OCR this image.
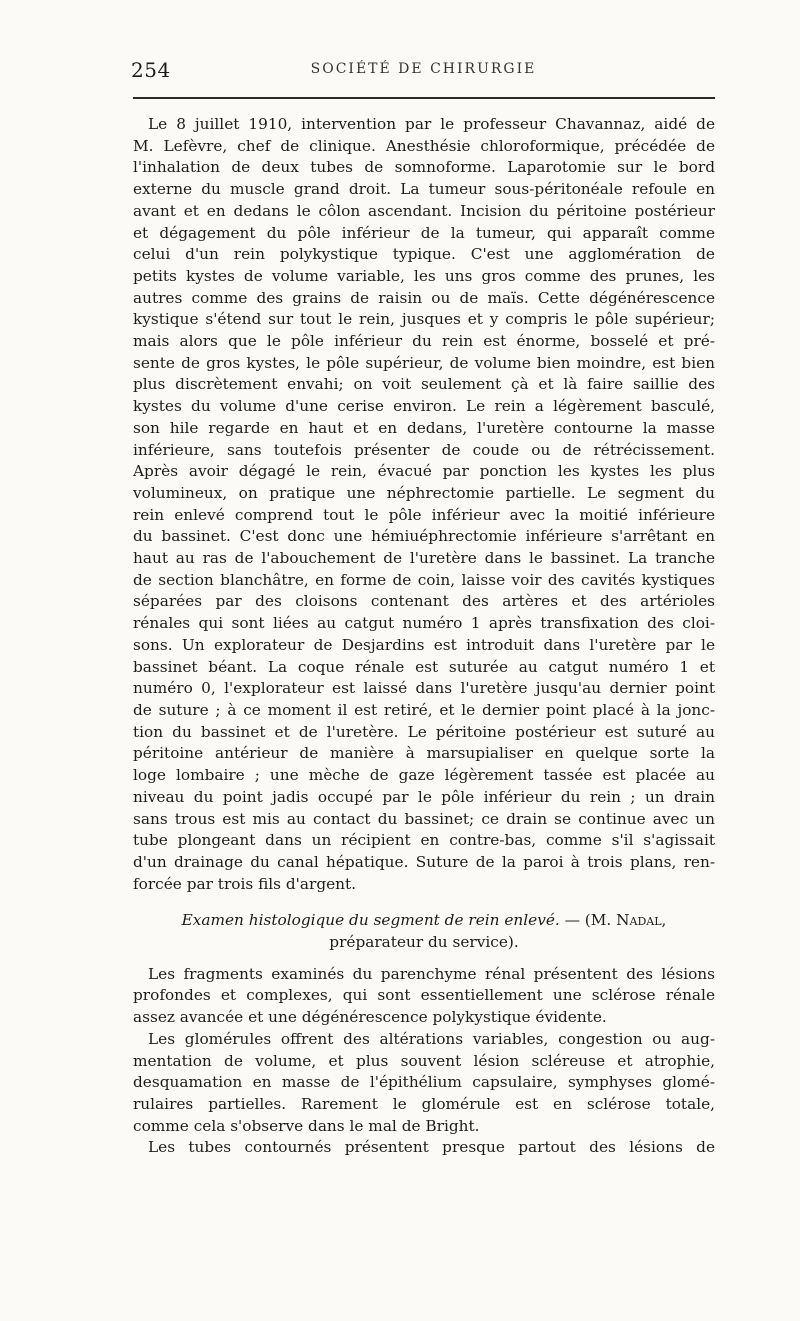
254	SOCIÉTÉ DE CHIRURGIE
Le 8 juillet 1910, intervention par le professeur Chavannaz, aidé de
M. Lefèvre, chef de clinique. Anesthésie chloroformique, précédée de
l'inhalation de deux tubes de somnoforme. Laparotomie sur le bord
externe du muscle grand droit. La tumeur sous-péritonéale refoule en
avant et en dedans le côlon ascendant. Incision du péritoine postérieur
et dégagement du pôle inférieur de la tumeur, qui apparaît comme
celui d'un rein polykystique typique. C'est une agglomération de
petits kystes de volume variable, les uns gros comme des prunes, les
autres comme des grains de raisin ou de maïs. Cette dégénérescence
kystique s'étend sur tout le rein, jusques et y compris le pôle supérieur;
mais alors que le pôle inférieur du rein est énorme, bosselé et pré-
sente de gros kystes, le pôle supérieur, de volume bien moindre, est bien
plus discrètement envahi; on voit seulement çà et là faire saillie des
kystes du volume d'une cerise environ. Le rein a légèrement basculé,
son hile regarde en haut et en dedans, l'uretère contourne la masse
inférieure, sans toutefois présenter de coude ou de rétrécissement.
Après avoir dégagé le rein, évacué par ponction les kystes les plus
volumineux, on pratique une néphrectomie partielle. Le segment du
rein enlevé comprend tout le pôle inférieur avec la moitié inférieure
du bassinet. C'est donc une hémiuéphrectomie inférieure s'arrêtant en
haut au ras de l'abouchement de l'uretère dans le bassinet. La tranche
de section blanchâtre, en forme de coin, laisse voir des cavités kystiques
séparées par des cloisons contenant des artères et des artérioles
rénales qui sont liées au catgut numéro 1 après transfixation des cloi-
sons. Un explorateur de Desjardins est introduit dans l'uretère par le
bassinet béant. La coque rénale est suturée au catgut numéro 1 et
numéro 0, l'explorateur est laissé dans l'uretère jusqu'au dernier point
de suture ; à ce moment il est retiré, et le dernier point placé à la jonc-
tion du bassinet et de l'uretère. Le péritoine postérieur est suturé au
péritoine antérieur de manière à marsupialiser en quelque sorte la
loge lombaire ; une mèche de gaze légèrement tassée est placée au
niveau du point jadis occupé par le pôle inférieur du rein ; un drain
sans trous est mis au contact du bassinet; ce drain se continue avec un
tube plongeant dans un récipient en contre-bas, comme s'il s'agissait
d'un drainage du canal hépatique. Suture de la paroi à trois plans, ren-
forcée par trois fils d'argent.
Examen histologique du segment de rein enlevé. — (M. Nadal,
préparateur du service).
Les fragments examinés du parenchyme rénal présentent des lésions
profondes et complexes, qui sont essentiellement une sclérose rénale
assez avancée et une dégénérescence polykystique évidente.
Les glomérules offrent des altérations variables, congestion ou aug-
mentation de volume, et plus souvent lésion scléreuse et atrophie,
desquamation en masse de l'épithélium capsulaire, symphyses glomé-
rulaires partielles. Rarement le glomérule est en sclérose totale,
comme cela s'observe dans le mal de Bright.
Les tubes contournés présentent presque partout des lésions de
